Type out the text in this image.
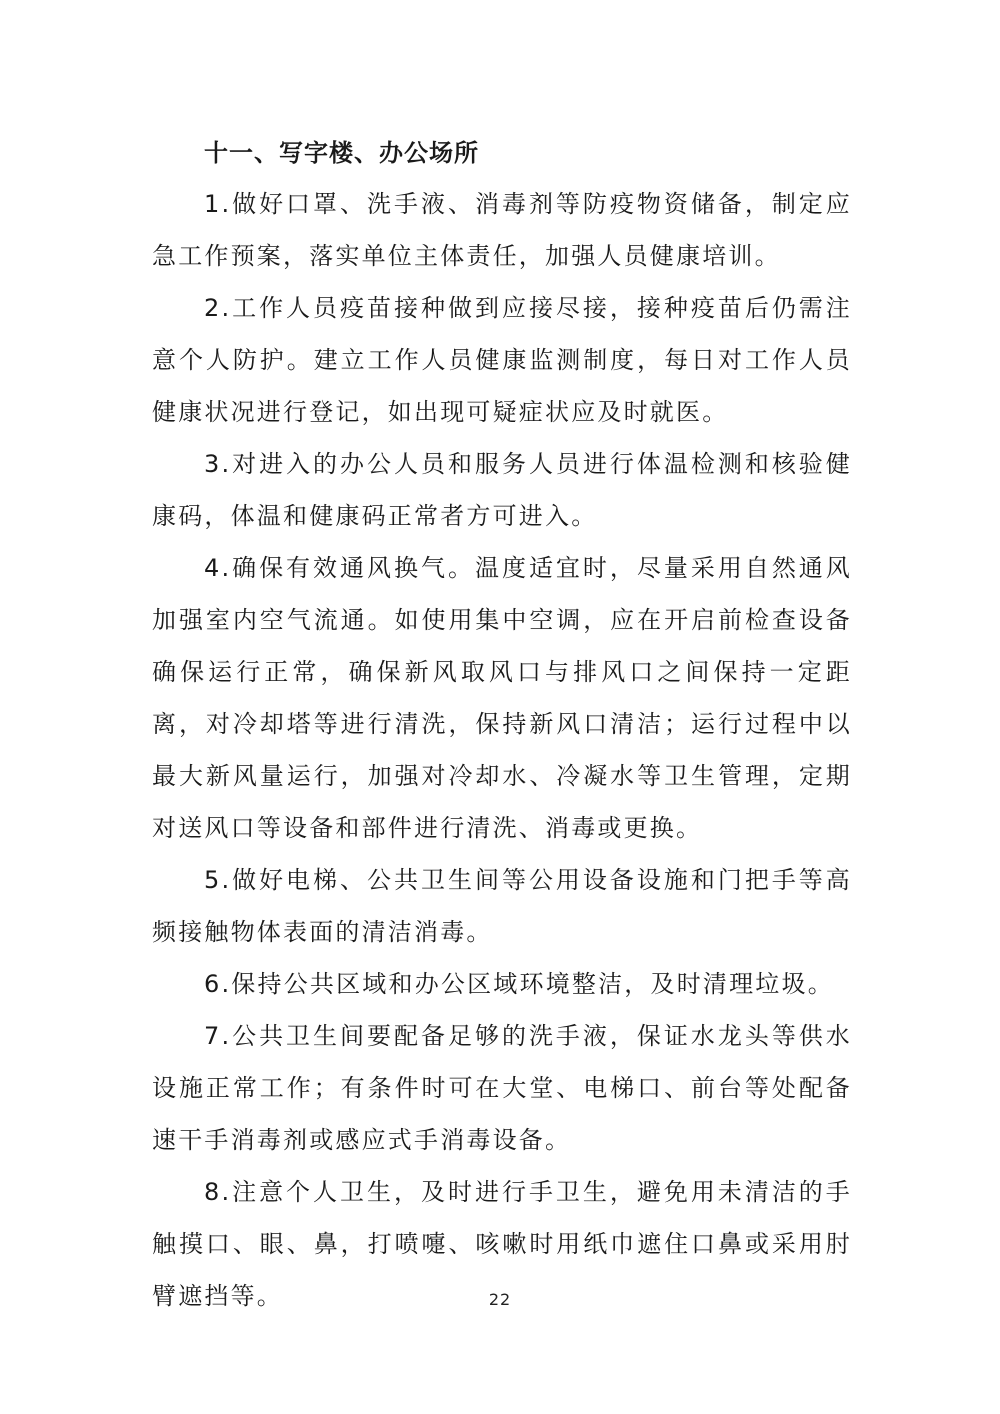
十一、写字楼、办公场所

1.做好口罩、洗手液、消毒剂等防疫物资储备，制定应急工作预案，落实单位主体责任，加强人员健康培训。

2.工作人员疫苗接种做到应接尽接，接种疫苗后仍需注意个人防护。建立工作人员健康监测制度，每日对工作人员健康状况进行登记，如出现可疑症状应及时就医。

3.对进入的办公人员和服务人员进行体温检测和核验健康码，体温和健康码正常者方可进入。

4.确保有效通风换气。温度适宜时，尽量采用自然通风加强室内空气流通。如使用集中空调，应在开启前检查设备确保运行正常，确保新风取风口与排风口之间保持一定距离，对冷却塔等进行清洗，保持新风口清洁；运行过程中以最大新风量运行，加强对冷却水、冷凝水等卫生管理，定期对送风口等设备和部件进行清洗、消毒或更换。

5.做好电梯、公共卫生间等公用设备设施和门把手等高频接触物体表面的清洁消毒。

6.保持公共区域和办公区域环境整洁，及时清理垃圾。

7.公共卫生间要配备足够的洗手液，保证水龙头等供水设施正常工作；有条件时可在大堂、电梯口、前台等处配备速干手消毒剂或感应式手消毒设备。

8.注意个人卫生，及时进行手卫生，避免用未清洁的手触摸口、眼、鼻，打喷嚏、咳嗽时用纸巾遮住口鼻或采用肘臂遮挡等。	22
